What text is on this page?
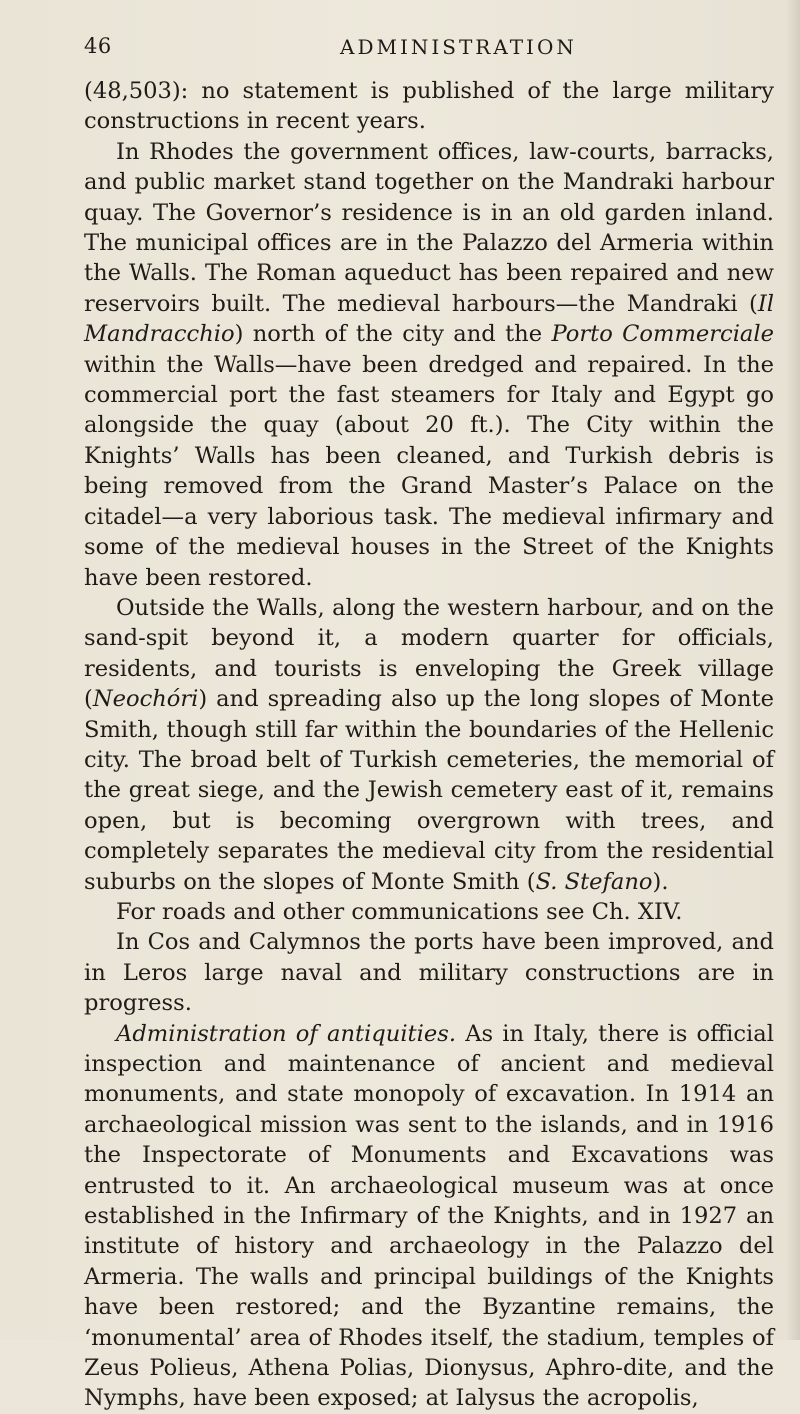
46	ADMINISTRATION

(48,503): no statement is published of the large military constructions in recent years.

In Rhodes the government offices, law-courts, barracks, and public market stand together on the Mandraki harbour quay. The Governor’s residence is in an old garden inland. The municipal offices are in the Palazzo del Armeria within the Walls. The Roman aqueduct has been repaired and new reservoirs built. The medieval harbours—the Mandraki (Il Mandracchio) north of the city and the Porto Commerciale within the Walls—have been dredged and repaired. In the commercial port the fast steamers for Italy and Egypt go alongside the quay (about 20 ft.). The City within the Knights’ Walls has been cleaned, and Turkish debris is being removed from the Grand Master’s Palace on the citadel—a very laborious task. The medieval infirmary and some of the medieval houses in the Street of the Knights have been restored.

Outside the Walls, along the western harbour, and on the sand-spit beyond it, a modern quarter for officials, residents, and tourists is enveloping the Greek village (Neochóri) and spreading also up the long slopes of Monte Smith, though still far within the boundaries of the Hellenic city. The broad belt of Turkish cemeteries, the memorial of the great siege, and the Jewish cemetery east of it, remains open, but is becoming overgrown with trees, and completely separates the medieval city from the residential suburbs on the slopes of Monte Smith (S. Stefano).

For roads and other communications see Ch. XIV.

In Cos and Calymnos the ports have been improved, and in Leros large naval and military constructions are in progress.

Administration of antiquities. As in Italy, there is official inspection and maintenance of ancient and medieval monuments, and state monopoly of excavation. In 1914 an archaeological mission was sent to the islands, and in 1916 the Inspectorate of Monuments and Excavations was entrusted to it. An archaeological museum was at once established in the Infirmary of the Knights, and in 1927 an institute of history and archaeology in the Palazzo del Armeria. The walls and principal buildings of the Knights have been restored; and the Byzantine remains, the ‘monumental’ area of Rhodes itself, the stadium, temples of Zeus Polieus, Athena Polias, Dionysus, Aphro-dite, and the Nymphs, have been exposed; at Ialysus the acropolis,
